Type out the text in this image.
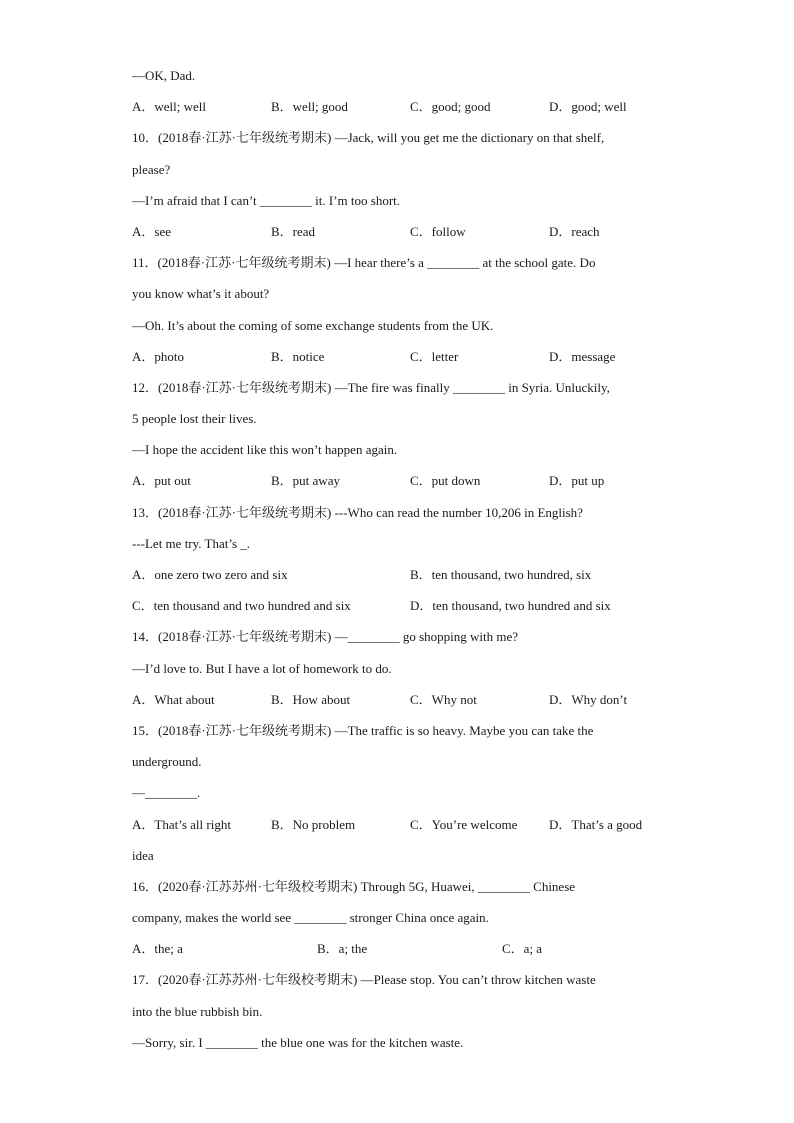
—OK, Dad.
A．well; well	B．well; good	C．good; good	D．good; well
10．(2018春·江苏·七年级统考期末) —Jack, will you get me the dictionary on that shelf,
please?
—I’m afraid that I can’t ________ it. I’m too short.
A．see	B．read	C．follow	D．reach
11．(2018春·江苏·七年级统考期末) —I hear there’s a ________ at the school gate. Do
you know what’s it about?
—Oh. It’s about the coming of some exchange students from the UK.
A．photo	B．notice	C．letter	D．message
12．(2018春·江苏·七年级统考期末) —The fire was finally ________ in Syria. Unluckily,
5 people lost their lives.
—I hope the accident like this won’t happen again.
A．put out	B．put away	C．put down	D．put up
13．(2018春·江苏·七年级统考期末) ---Who can read the number 10,206 in English?
---Let me try. That’s _.
A．one zero two zero and six	B．ten thousand, two hundred, six
C．ten thousand and two hundred and six	D．ten thousand, two hundred and six
14．(2018春·江苏·七年级统考期末) —________ go shopping with me?
—I’d love to. But I have a lot of homework to do.
A．What about	B．How about	C．Why not	D．Why don’t
15．(2018春·江苏·七年级统考期末) —The traffic is so heavy. Maybe you can take the
underground.
—________.
A．That’s all right	B．No problem	C．You’re welcome D．That’s a good
idea
16．(2020春·江苏苏州·七年级校考期末) Through 5G, Huawei, ________ Chinese
company, makes the world see ________ stronger China once again.
A．the; a	B．a; the	C．a; a
17．(2020春·江苏苏州·七年级校考期末) —Please stop. You can’t throw kitchen waste
into the blue rubbish bin.
—Sorry, sir. I ________ the blue one was for the kitchen waste.
